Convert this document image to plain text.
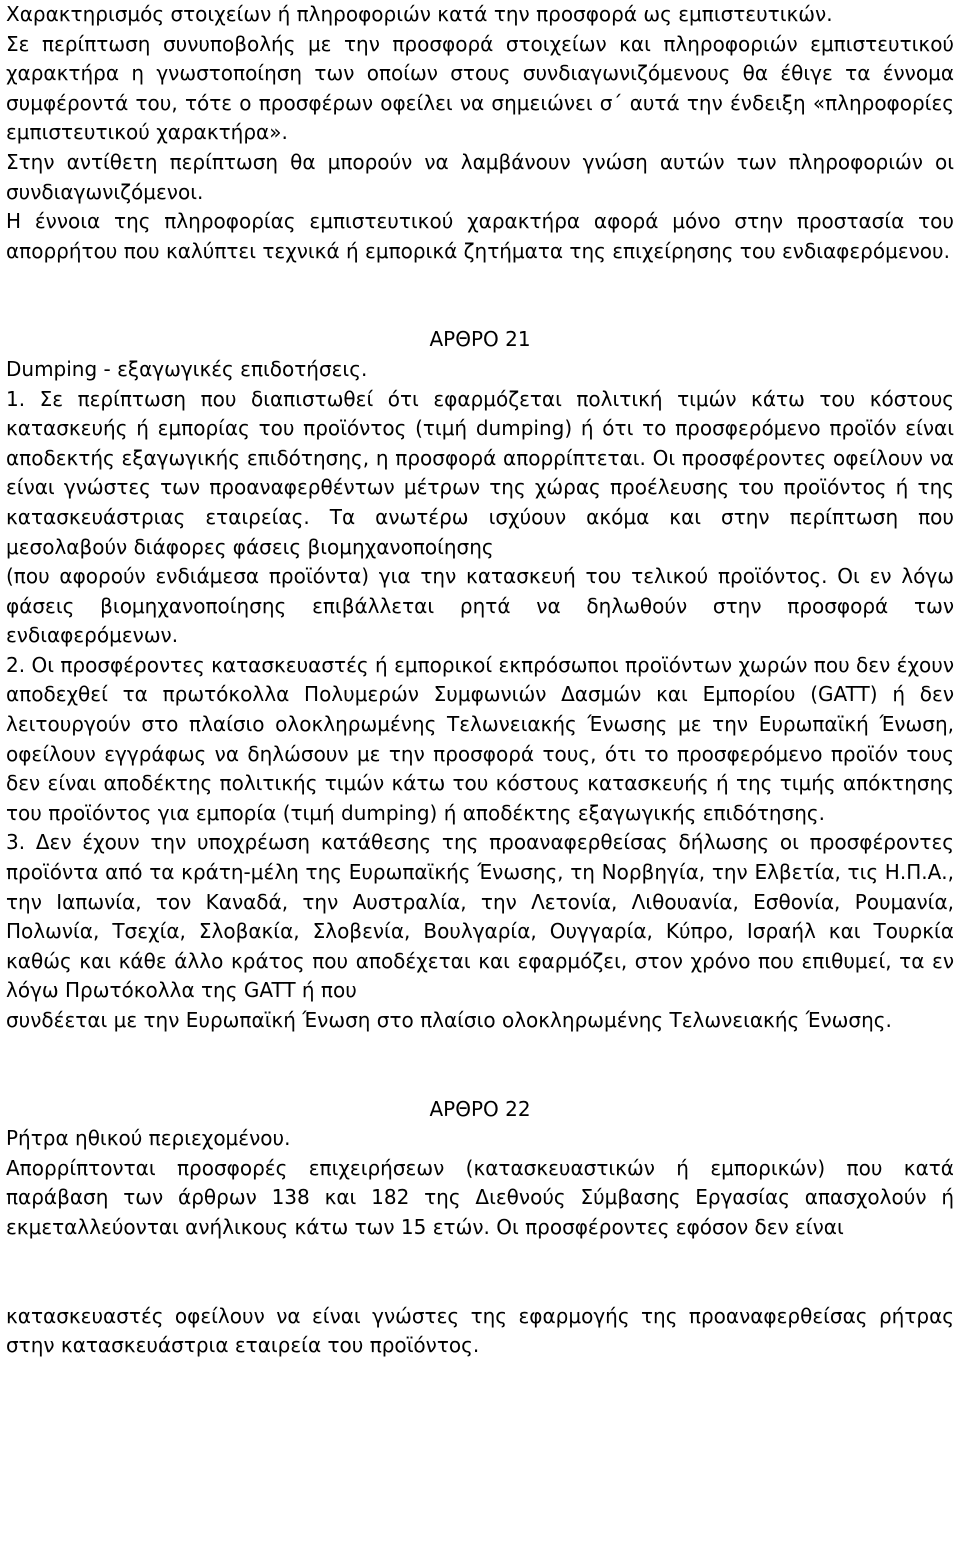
Χαρακτηρισμός στοιχείων ή πληροφοριών κατά την προσφορά ως εμπιστευτικών.

Σε περίπτωση συνυποβολής με την προσφορά στοιχείων και πληροφοριών εμπιστευτικού χαρακτήρα η γνωστοποίηση των οποίων στους συνδιαγωνιζόμενους θα έθιγε τα έννομα συμφέροντά του, τότε ο προσφέρων οφείλει να σημειώνει σ΄ αυτά την ένδειξη «πληροφορίες εμπιστευτικού χαρακτήρα».

Στην αντίθετη περίπτωση θα μπορούν να λαμβάνουν γνώση αυτών των πληροφοριών οι συνδιαγωνιζόμενοι.

Η έννοια της πληροφορίας εμπιστευτικού χαρακτήρα αφορά μόνο στην προστασία του απορρήτου που καλύπτει τεχνικά ή εμπορικά ζητήματα της επιχείρησης του ενδιαφερόμενου.

ΑΡΘΡΟ 21

Dumping - εξαγωγικές επιδοτήσεις.

1. Σε περίπτωση που διαπιστωθεί ότι εφαρμόζεται πολιτική τιμών κάτω του κόστους κατασκευής ή εμπορίας του προϊόντος (τιμή dumping) ή ότι το προσφερόμενο προϊόν είναι αποδεκτής εξαγωγικής επιδότησης, η προσφορά απορρίπτεται. Οι προσφέροντες οφείλουν να είναι γνώστες των προαναφερθέντων μέτρων της χώρας προέλευσης του προϊόντος ή της κατασκευάστριας εταιρείας. Τα ανωτέρω ισχύουν ακόμα και στην περίπτωση που μεσολαβούν διάφορες φάσεις βιομηχανοποίησης

(που αφορούν ενδιάμεσα προϊόντα) για την κατασκευή του τελικού προϊόντος. Οι εν λόγω φάσεις βιομηχανοποίησης επιβάλλεται ρητά να δηλωθούν στην προσφορά των ενδιαφερόμενων.

2. Οι προσφέροντες κατασκευαστές ή εμπορικοί εκπρόσωποι προϊόντων χωρών που δεν έχουν αποδεχθεί τα πρωτόκολλα Πολυμερών Συμφωνιών Δασμών και Εμπορίου (GATT) ή δεν λειτουργούν στο πλαίσιο ολοκληρωμένης Τελωνειακής Ένωσης με την Ευρωπαϊκή Ένωση, οφείλουν εγγράφως να δηλώσουν με την προσφορά τους, ότι το προσφερόμενο προϊόν τους δεν είναι αποδέκτης πολιτικής τιμών κάτω του κόστους κατασκευής ή της τιμής απόκτησης του προϊόντος για εμπορία (τιμή dumping) ή αποδέκτης εξαγωγικής επιδότησης.

3. Δεν έχουν την υποχρέωση κατάθεσης της προαναφερθείσας δήλωσης οι προσφέροντες προϊόντα από τα κράτη-μέλη της Ευρωπαϊκής Ένωσης, τη Νορβηγία, την Ελβετία, τις Η.Π.Α., την Ιαπωνία, τον Καναδά, την Αυστραλία, την Λετονία, Λιθουανία, Εσθονία, Ρουμανία, Πολωνία, Τσεχία, Σλοβακία, Σλοβενία, Βουλγαρία, Ουγγαρία, Κύπρο, Ισραήλ και Τουρκία καθώς και κάθε άλλο κράτος που αποδέχεται και εφαρμόζει, στον χρόνο που επιθυμεί, τα εν λόγω Πρωτόκολλα της GATT ή που

συνδέεται με την Ευρωπαϊκή Ένωση στο πλαίσιο ολοκληρωμένης Τελωνειακής Ένωσης.

ΑΡΘΡΟ 22

Ρήτρα ηθικού περιεχομένου.

Απορρίπτονται προσφορές επιχειρήσεων (κατασκευαστικών ή εμπορικών) που κατά παράβαση των άρθρων 138 και 182 της Διεθνούς Σύμβασης Εργασίας απασχολούν ή εκμεταλλεύονται ανήλικους κάτω των 15 ετών. Οι προσφέροντες εφόσον δεν είναι

κατασκευαστές οφείλουν να είναι γνώστες της εφαρμογής της προαναφερθείσας ρήτρας στην κατασκευάστρια εταιρεία του προϊόντος.
